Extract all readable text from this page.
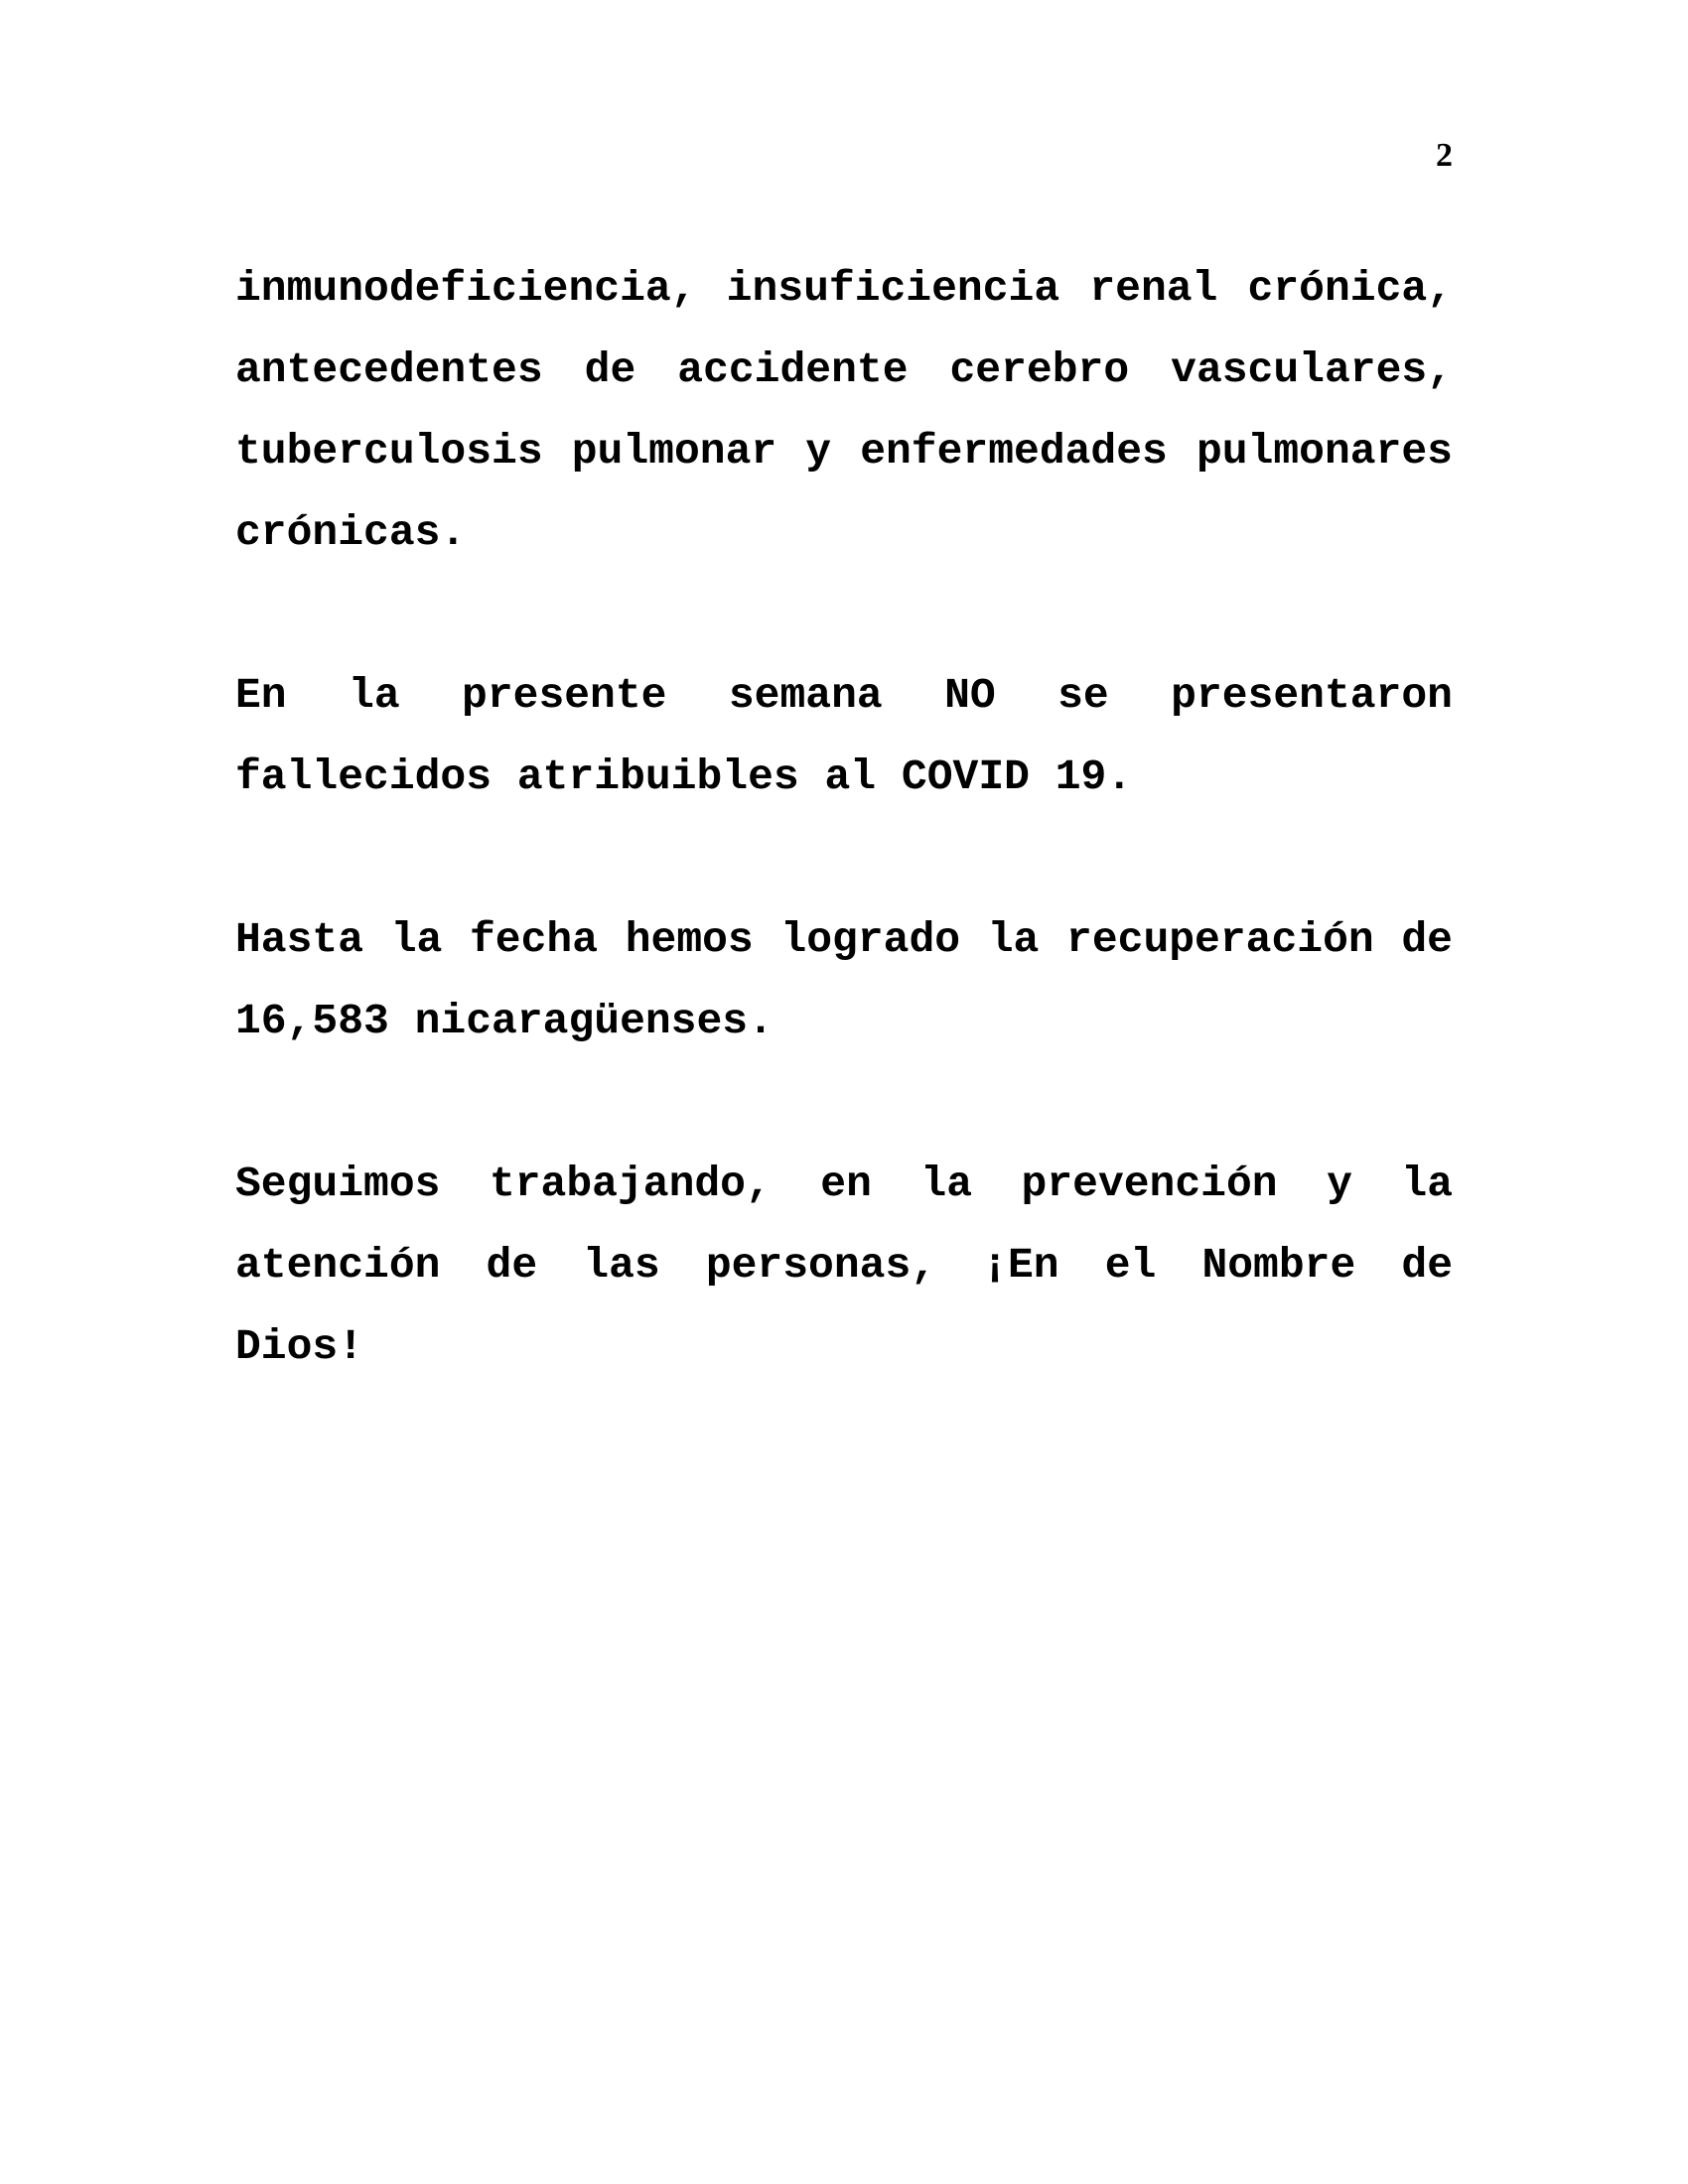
2

inmunodeficiencia, insuficiencia renal crónica, antecedentes de accidente cerebro vasculares, tuberculosis pulmonar y enfermedades pulmonares crónicas.

En la presente semana NO se presentaron fallecidos atribuibles al COVID 19.

Hasta la fecha hemos logrado la recuperación de 16,583 nicaragüenses.

Seguimos trabajando, en la prevención y la atención de las personas, ¡En el Nombre de Dios!
